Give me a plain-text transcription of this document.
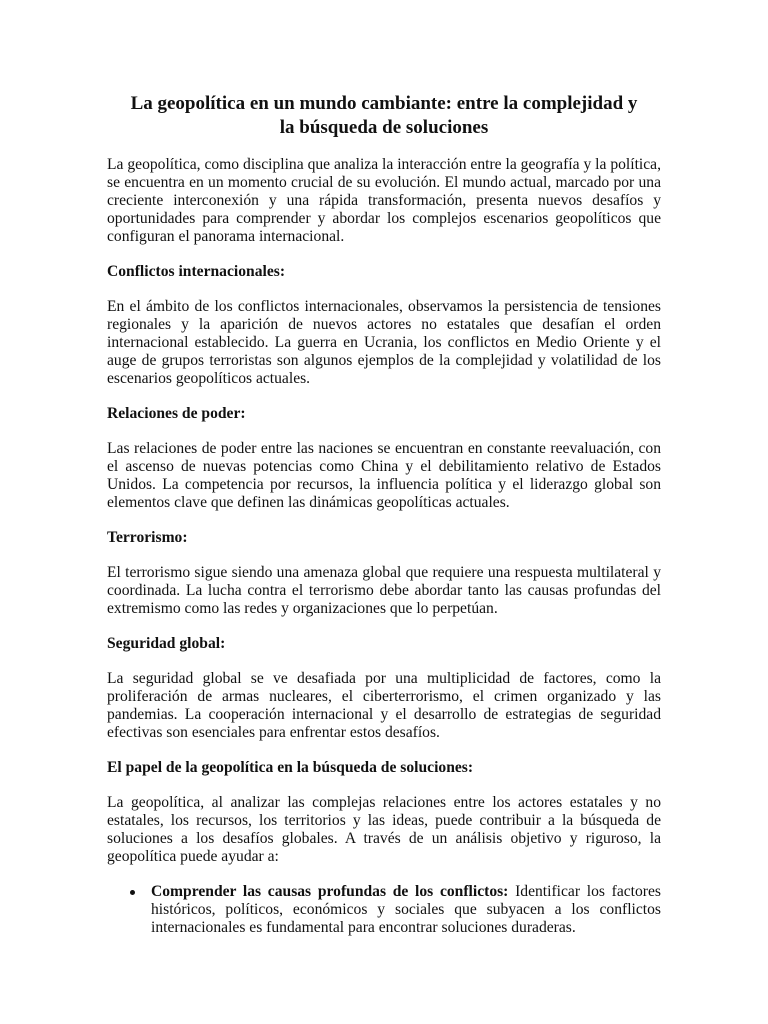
La geopolítica en un mundo cambiante: entre la complejidad y
la búsqueda de soluciones

La geopolítica, como disciplina que analiza la interacción entre la geografía y la política, se encuentra en un momento crucial de su evolución. El mundo actual, marcado por una creciente interconexión y una rápida transformación, presenta nuevos desafíos y oportunidades para comprender y abordar los complejos escenarios geopolíticos que configuran el panorama internacional.

Conflictos internacionales:

En el ámbito de los conflictos internacionales, observamos la persistencia de tensiones regionales y la aparición de nuevos actores no estatales que desafían el orden internacional establecido. La guerra en Ucrania, los conflictos en Medio Oriente y el auge de grupos terroristas son algunos ejemplos de la complejidad y volatilidad de los escenarios geopolíticos actuales.

Relaciones de poder:

Las relaciones de poder entre las naciones se encuentran en constante reevaluación, con el ascenso de nuevas potencias como China y el debilitamiento relativo de Estados Unidos. La competencia por recursos, la influencia política y el liderazgo global son elementos clave que definen las dinámicas geopolíticas actuales.

Terrorismo:

El terrorismo sigue siendo una amenaza global que requiere una respuesta multilateral y coordinada. La lucha contra el terrorismo debe abordar tanto las causas profundas del extremismo como las redes y organizaciones que lo perpetúan.

Seguridad global:

La seguridad global se ve desafiada por una multiplicidad de factores, como la proliferación de armas nucleares, el ciberterrorismo, el crimen organizado y las pandemias. La cooperación internacional y el desarrollo de estrategias de seguridad efectivas son esenciales para enfrentar estos desafíos.

El papel de la geopolítica en la búsqueda de soluciones:

La geopolítica, al analizar las complejas relaciones entre los actores estatales y no estatales, los recursos, los territorios y las ideas, puede contribuir a la búsqueda de soluciones a los desafíos globales. A través de un análisis objetivo y riguroso, la geopolítica puede ayudar a:

Comprender las causas profundas de los conflictos: Identificar los factores históricos, políticos, económicos y sociales que subyacen a los conflictos internacionales es fundamental para encontrar soluciones duraderas.
